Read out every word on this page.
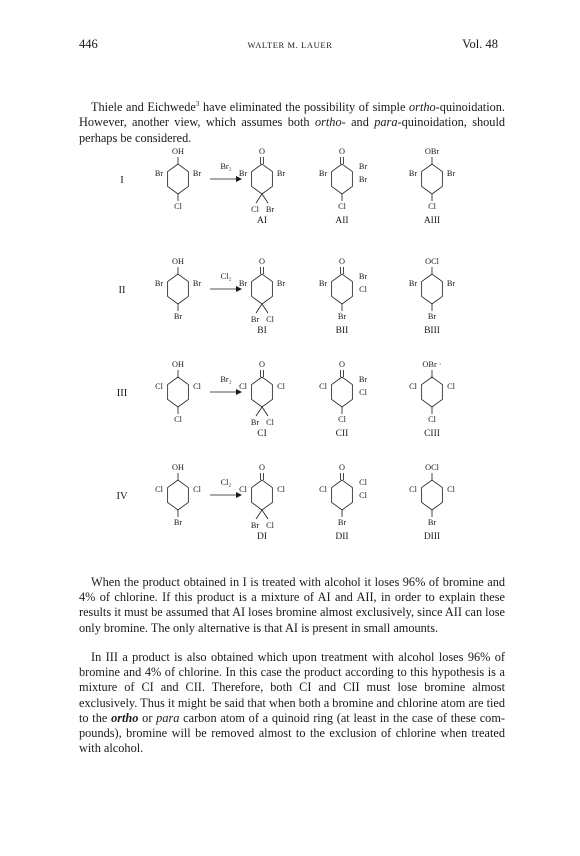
446	WALTER M. LAUER	Vol. 48

Thiele and Eichwede$^3$ have eliminated the possibility of simple ortho-quinoidation. However, another view, which assumes both ortho- and para-quinoidation, should perhaps be considered.

I
OH
Br	Br
Cl
Br₂
O
Br	Br
Cl Br
AI
O
Br
Br
Br
Cl
AII
OBr
Br	Br
Cl
AIII
II
OH
Br	Br
Br
Cl₂
O
Br	Br
Br Cl
BI
O
Br
Br
Cl
Br
BII
OCl
Br	Br
Br
BIII
III
OH
Cl	Cl
Cl
Br₂
O
Cl	Cl
Br Cl
CI
O
Cl
Br
Cl
Cl
CII
OBr ·
Cl	Cl
Cl
CIII
IV
OH
Cl	Cl
Br
Cl₂
O
Cl	Cl
Br Cl
DI
O
Cl
Cl
Cl
Br
DII
OCl
Cl	Cl
Br
DIII

When the product obtained in I is treated with alcohol it loses 96% of bromine and 4% of chlorine. If this product is a mixture of AI and AII, in order to explain these results it must be assumed that AI loses bromine almost exclusively, since AII can lose only bromine. The only alternative is that AI is present in small amounts.

In III a product is also obtained which upon treatment with alcohol loses 96% of bromine and 4% of chlorine. In this case the product according to this hypothesis is a mixture of CI and CII. Therefore, both CI and CII must lose bromine almost exclusively. Thus it might be said that when both a bromine and chlorine atom are tied to the ortho or para carbon atom of a quinoid ring (at least in the case of these com- pounds), bromine will be removed almost to the exclusion of chlorine when treated with alcohol.
